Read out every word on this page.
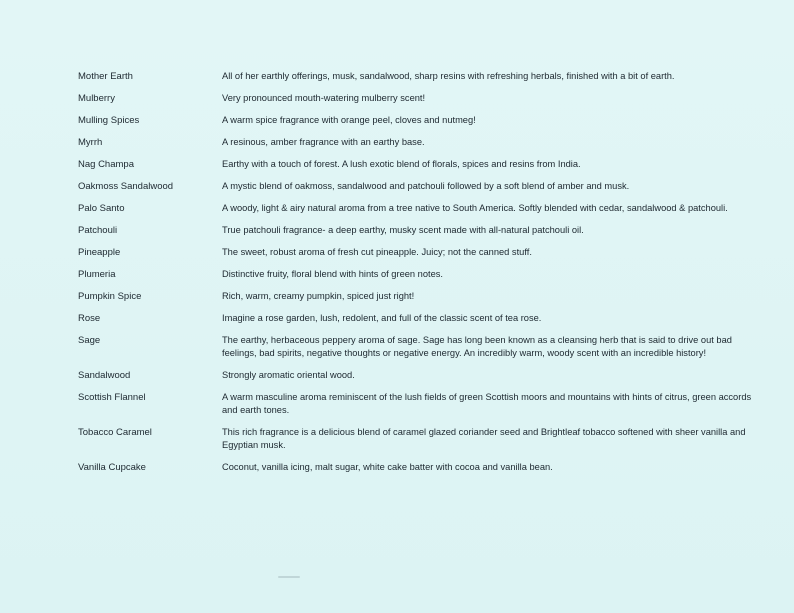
Mother Earth	All of her earthly offerings, musk, sandalwood, sharp resins with refreshing herbals, finished with a bit of earth.
Mulberry	Very pronounced mouth-watering mulberry scent!
Mulling Spices	A warm spice fragrance with orange peel, cloves and nutmeg!
Myrrh	A resinous, amber fragrance with an earthy base.
Nag Champa	Earthy with a touch of forest. A lush exotic blend of florals, spices and resins from India.
Oakmoss Sandalwood	A mystic blend of oakmoss, sandalwood and patchouli followed by a soft blend of amber and musk.
Palo Santo	A woody, light & airy natural aroma from a tree native to South America. Softly blended with cedar, sandalwood & patchouli.
Patchouli	True patchouli fragrance- a deep earthy, musky scent made with all-natural patchouli oil.
Pineapple	The sweet, robust aroma of fresh cut pineapple. Juicy; not the canned stuff.
Plumeria	Distinctive fruity, floral blend with hints of green notes.
Pumpkin Spice	Rich, warm, creamy pumpkin, spiced just right!
Rose	Imagine a rose garden, lush, redolent, and full of the classic scent of tea rose.
Sage	The earthy, herbaceous peppery aroma of sage. Sage has long been known as a cleansing herb that is said to drive out bad feelings, bad spirits, negative thoughts or negative energy. An incredibly warm, woody scent with an incredible history!
Sandalwood	Strongly aromatic oriental wood.
Scottish Flannel	A warm masculine aroma reminiscent of the lush fields of green Scottish moors and mountains with hints of citrus, green accords and earth tones.
Tobacco Caramel	This rich fragrance is a delicious blend of caramel glazed coriander seed and Brightleaf tobacco softened with sheer vanilla and Egyptian musk.
Vanilla Cupcake	Coconut, vanilla icing, malt sugar, white cake batter with cocoa and vanilla bean.
